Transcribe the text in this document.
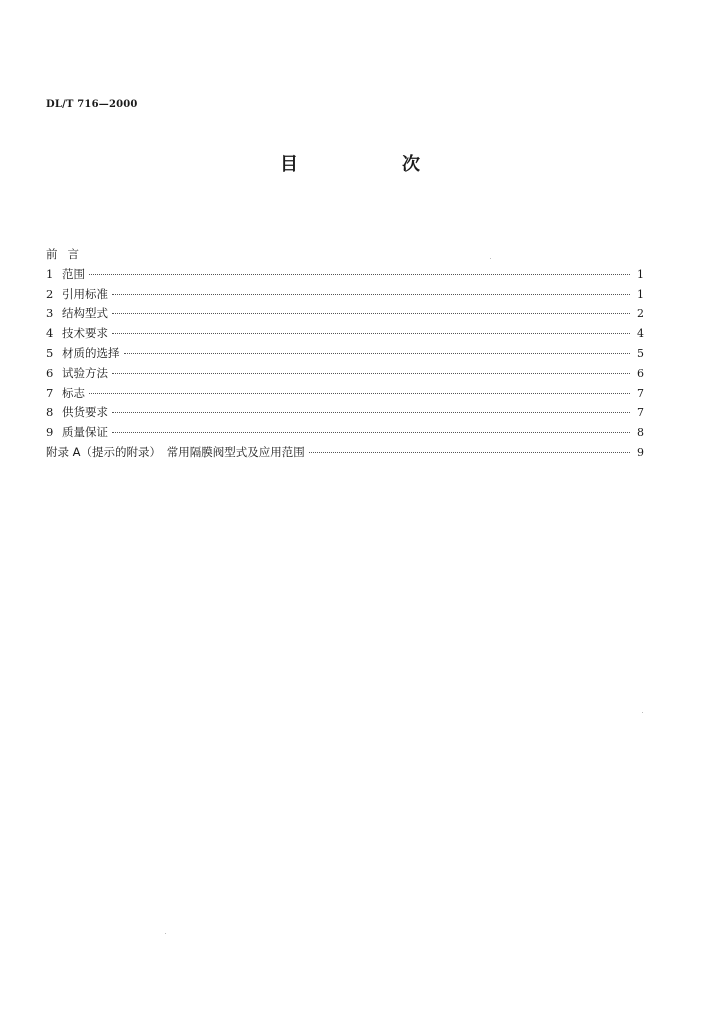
DL/T 716—2000
目	次
前言
1 范围	1
2 引用标准	1
3 结构型式	2
4 技术要求	4
5 材质的选择	5
6 试验方法	6
7 标志	7
8 供货要求	7
9 质量保证	8
附录 A（提示的附录）　常用隔膜阀型式及应用范围	9
